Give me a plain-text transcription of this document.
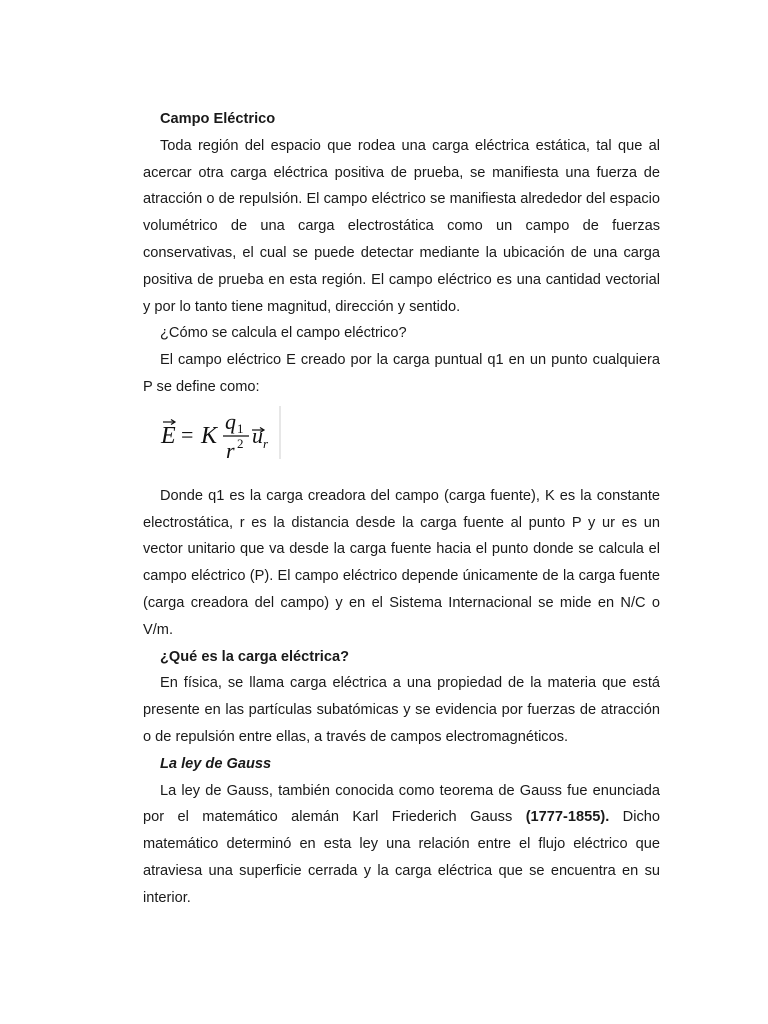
Campo Eléctrico

Toda región del espacio que rodea una carga eléctrica estática, tal que al acercar otra carga eléctrica positiva de prueba, se manifiesta una fuerza de atracción o de repulsión. El campo eléctrico se manifiesta alrededor del espacio volumétrico de una carga electrostática como un campo de fuerzas conservativas, el cual se puede detectar mediante la ubicación de una carga positiva de prueba en esta región. El campo eléctrico es una cantidad vectorial y por lo tanto tiene magnitud, dirección y sentido.

¿Cómo se calcula el campo eléctrico?

El campo eléctrico E creado por la carga puntual q1 en un punto cualquiera P se define como:

E = K
q 1
r 2 u r

Donde q1 es la carga creadora del campo (carga fuente), K es la constante electrostática, r es la distancia desde la carga fuente al punto P y ur es un vector unitario que va desde la carga fuente hacia el punto donde se calcula el campo eléctrico (P). El campo eléctrico depende únicamente de la carga fuente (carga creadora del campo) y en el Sistema Internacional se mide en N/C o V/m.

¿Qué es la carga eléctrica?

En física, se llama carga eléctrica a una propiedad de la materia que está presente en las partículas subatómicas y se evidencia por fuerzas de atracción o de repulsión entre ellas, a través de campos electromagnéticos.

La ley de Gauss

La ley de Gauss, también conocida como teorema de Gauss fue enunciada por el matemático alemán Karl Friederich Gauss (1777-1855). Dicho matemático determinó en esta ley una relación entre el flujo eléctrico que atraviesa una superficie cerrada y la carga eléctrica que se encuentra en su interior.
